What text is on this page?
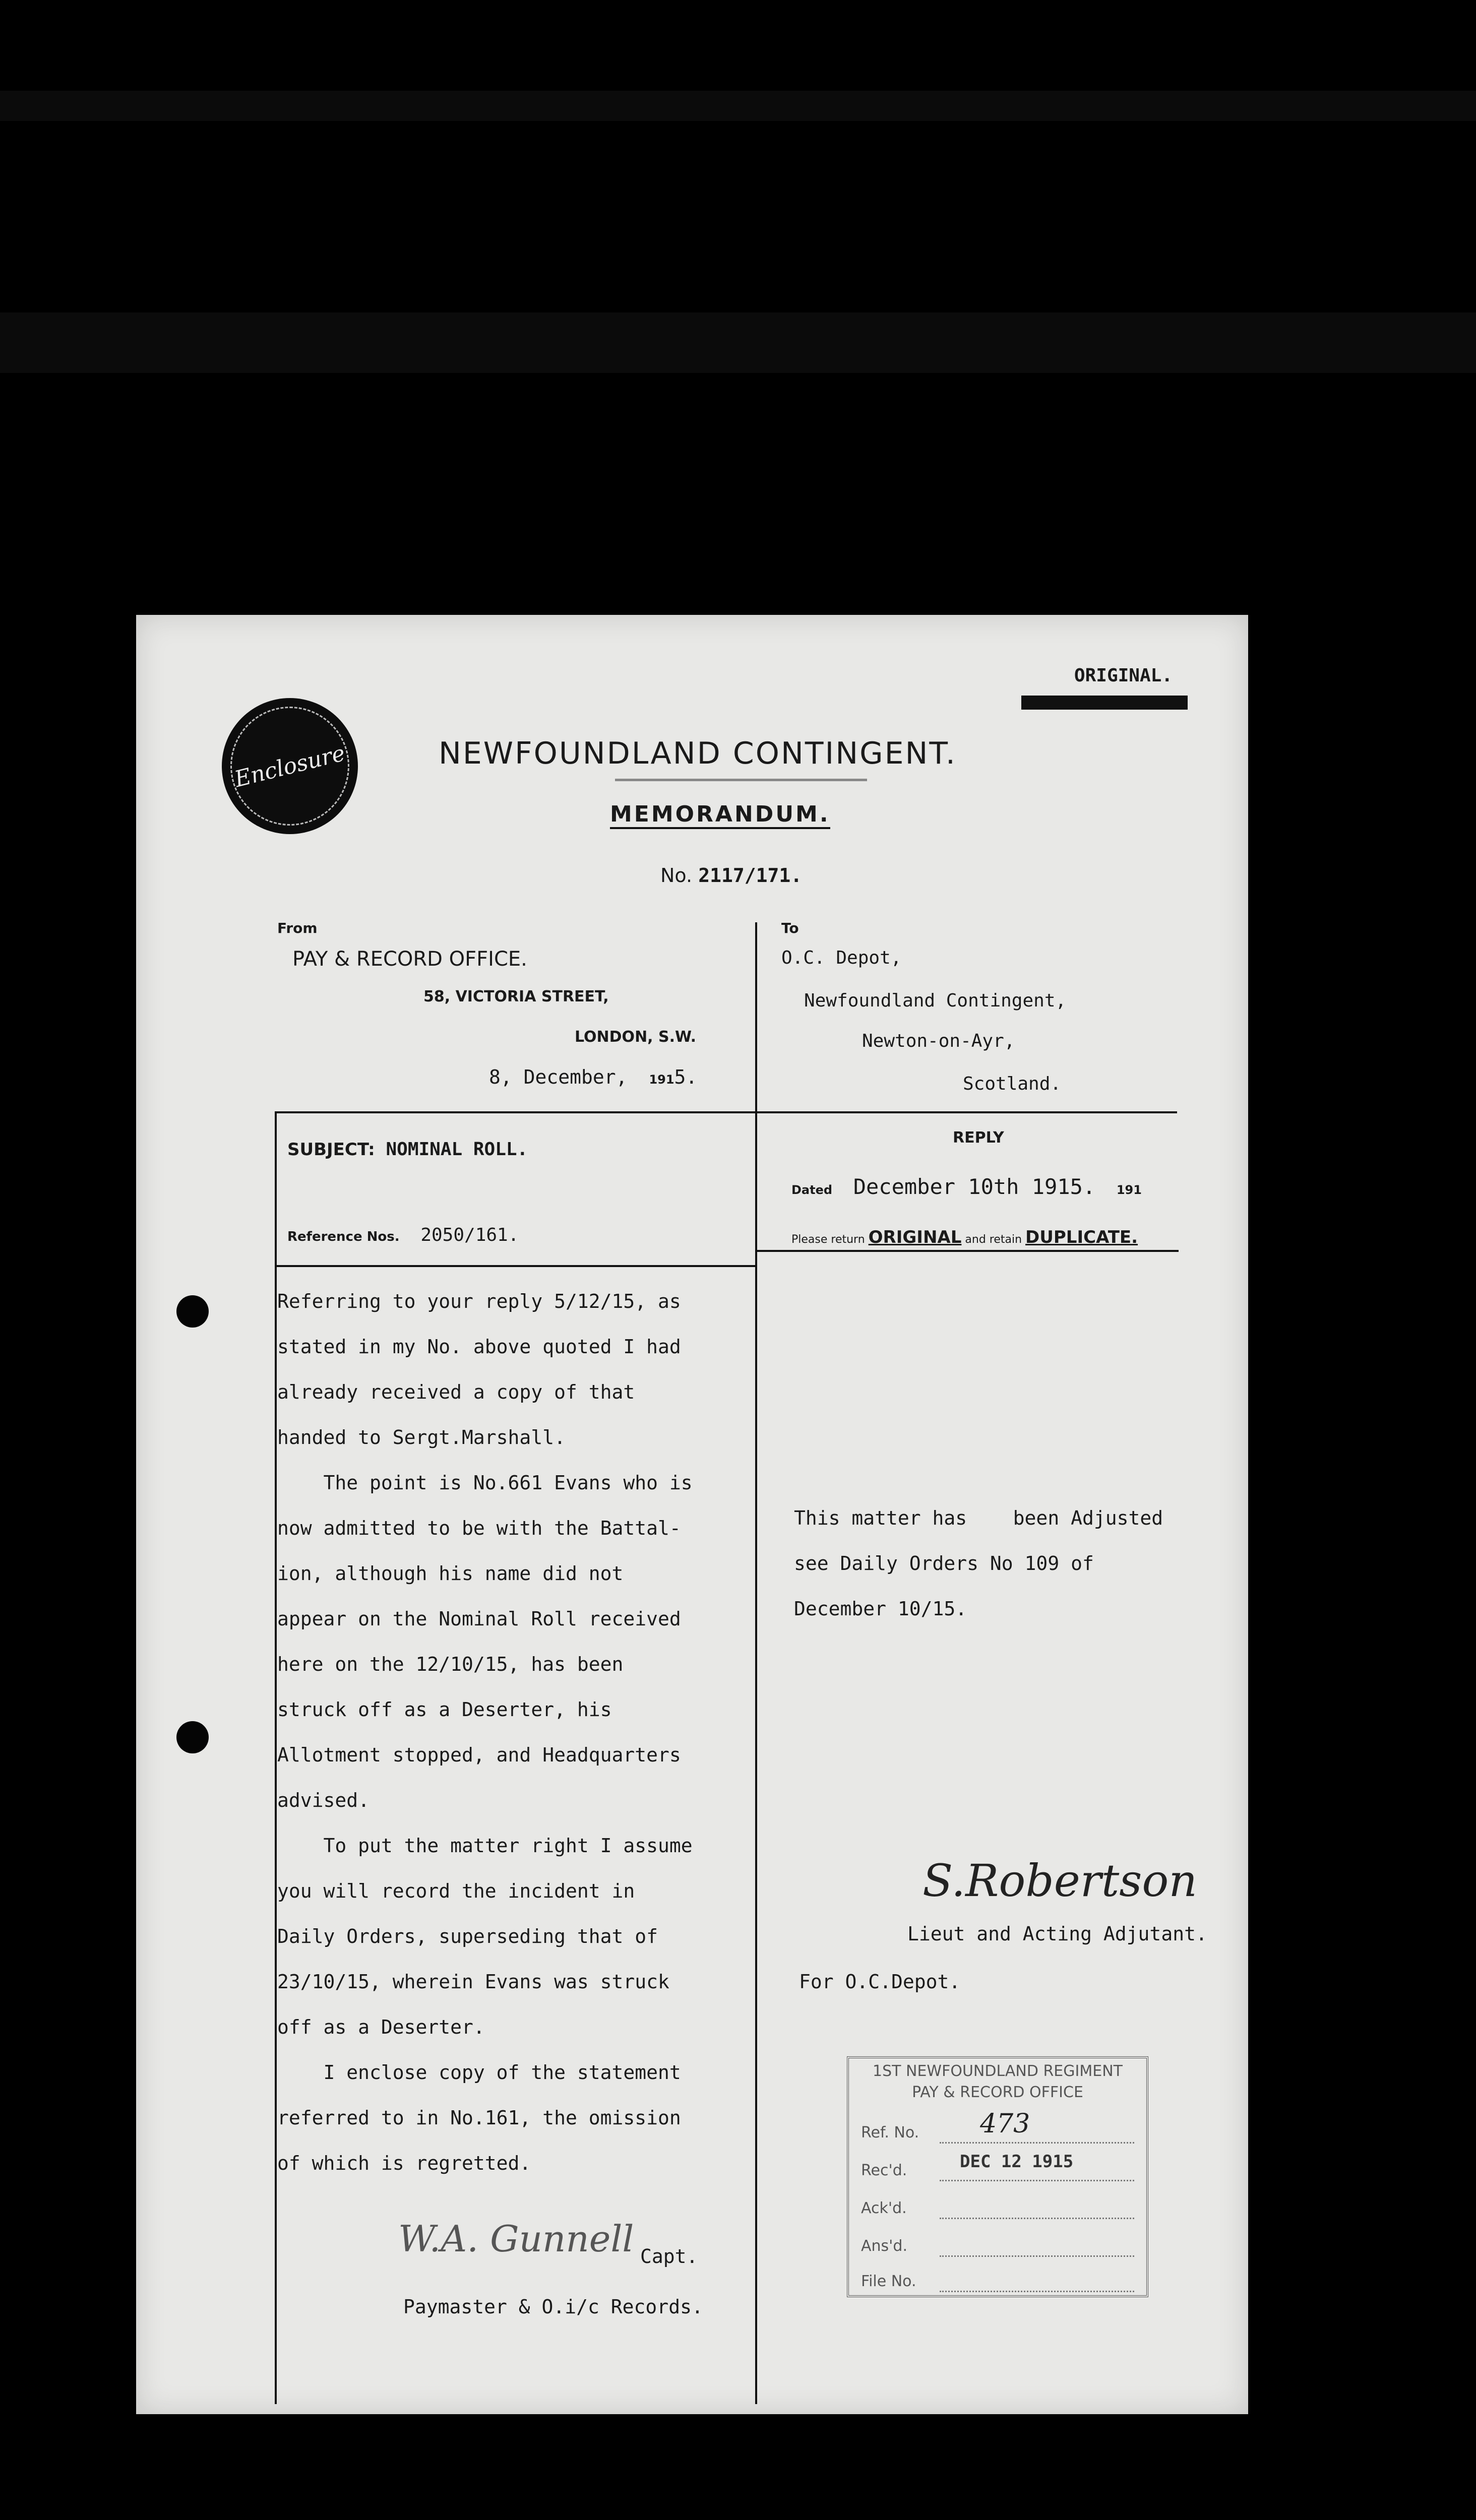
Enclosure
ORIGINAL.
NEWFOUNDLAND CONTINGENT.
MEMORANDUM.
No. 2117/171.
From
PAY & RECORD OFFICE.
58, VICTORIA STREET,
LONDON, S.W.
8, December, 1915.
To
O.C. Depot,
Newfoundland Contingent,
Newton-on-Ayr,
Scotland.
SUBJECT: NOMINAL ROLL.
Reference Nos. 2050/161.
REPLY
Dated December 10th 1915. 191
Please return ORIGINAL and retain DUPLICATE.
Referring to your reply 5/12/15, as
stated in my No. above quoted I had
already received a copy of that
handed to Sergt.Marshall.
The point is No.661 Evans who is
now admitted to be with the Battal-
ion, although his name did not
appear on the Nominal Roll received
here on the 12/10/15, has been
struck off as a Deserter, his
Allotment stopped, and Headquarters
advised.
To put the matter right I assume
you will record the incident in
Daily Orders, superseding that of
23/10/15, wherein Evans was struck
off as a Deserter.
I enclose copy of the statement
referred to in No.161, the omission
of which is regretted.
W.A. Gunnell Capt.
Paymaster & O.i/c Records.
This matter has    been Adjusted
see Daily Orders No 109 of
December 10/15.
S.Robertson
Lieut and Acting Adjutant.
For O.C.Depot.
1ST NEWFOUNDLAND REGIMENT
PAY & RECORD OFFICE
Ref. No. 473
Rec'd.	DEC 12 1915
Ack'd.
Ans'd.
File No.
